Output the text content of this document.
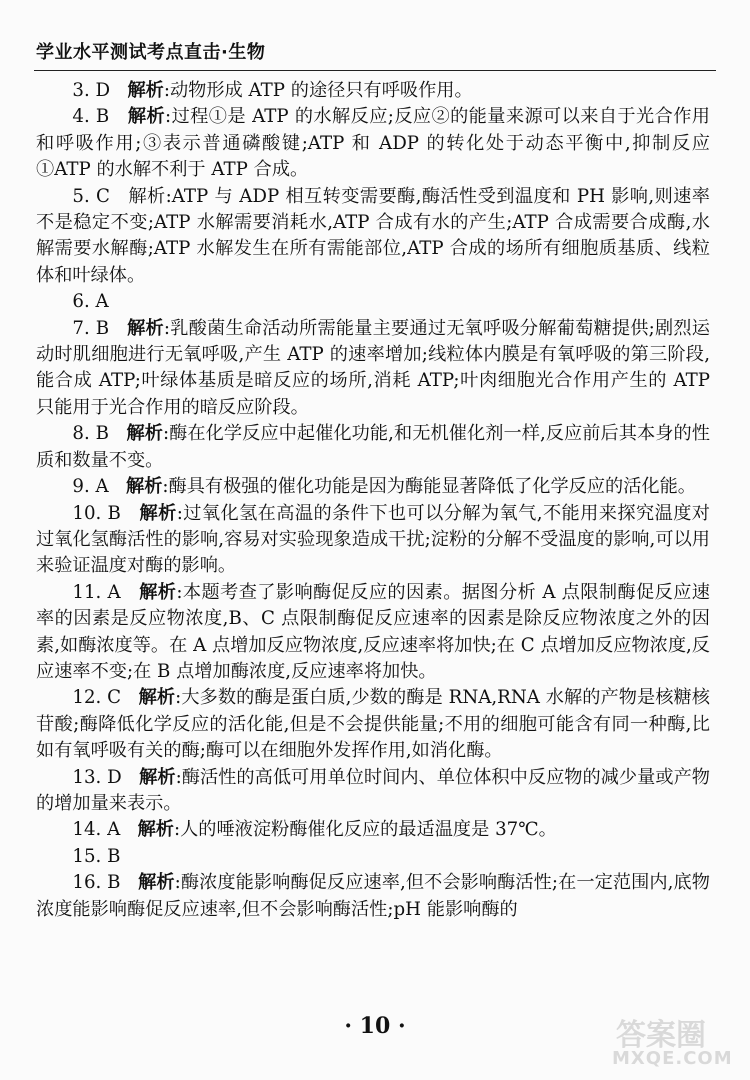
学业水平测试考点直击·生物

3. D 解析:动物形成 ATP 的途径只有呼吸作用。

4. B 解析:过程①是 ATP 的水解反应;反应②的能量来源可以来自于光合作用和呼吸作用;③表示普通磷酸键;ATP 和 ADP 的转化处于动态平衡中,抑制反应①ATP 的水解不利于 ATP 合成。

5. C 解析:ATP 与 ADP 相互转变需要酶,酶活性受到温度和 PH 影响,则速率不是稳定不变;ATP 水解需要消耗水,ATP 合成有水的产生;ATP 合成需要合成酶,水解需要水解酶;ATP 水解发生在所有需能部位,ATP 合成的场所有细胞质基质、线粒体和叶绿体。

6. A

7. B 解析:乳酸菌生命活动所需能量主要通过无氧呼吸分解葡萄糖提供;剧烈运动时肌细胞进行无氧呼吸,产生 ATP 的速率增加;线粒体内膜是有氧呼吸的第三阶段,能合成 ATP;叶绿体基质是暗反应的场所,消耗 ATP;叶肉细胞光合作用产生的 ATP 只能用于光合作用的暗反应阶段。

8. B 解析:酶在化学反应中起催化功能,和无机催化剂一样,反应前后其本身的性质和数量不变。

9. A 解析:酶具有极强的催化功能是因为酶能显著降低了化学反应的活化能。

10. B 解析:过氧化氢在高温的条件下也可以分解为氧气,不能用来探究温度对过氧化氢酶活性的影响,容易对实验现象造成干扰;淀粉的分解不受温度的影响,可以用来验证温度对酶的影响。

11. A 解析:本题考查了影响酶促反应的因素。据图分析 A 点限制酶促反应速率的因素是反应物浓度,B、C 点限制酶促反应速率的因素是除反应物浓度之外的因素,如酶浓度等。在 A 点增加反应物浓度,反应速率将加快;在 C 点增加反应物浓度,反应速率不变;在 B 点增加酶浓度,反应速率将加快。

12. C 解析:大多数的酶是蛋白质,少数的酶是 RNA,RNA 水解的产物是核糖核苷酸;酶降低化学反应的活化能,但是不会提供能量;不用的细胞可能含有同一种酶,比如有氧呼吸有关的酶;酶可以在细胞外发挥作用,如消化酶。

13. D 解析:酶活性的高低可用单位时间内、单位体积中反应物的减少量或产物的增加量来表示。

14. A 解析:人的唾液淀粉酶催化反应的最适温度是 37℃。

15. B

16. B 解析:酶浓度能影响酶促反应速率,但不会影响酶活性;在一定范围内,底物浓度能影响酶促反应速率,但不会影响酶活性;pH 能影响酶的

· 10 ·	答案圈
MXQE.COM
